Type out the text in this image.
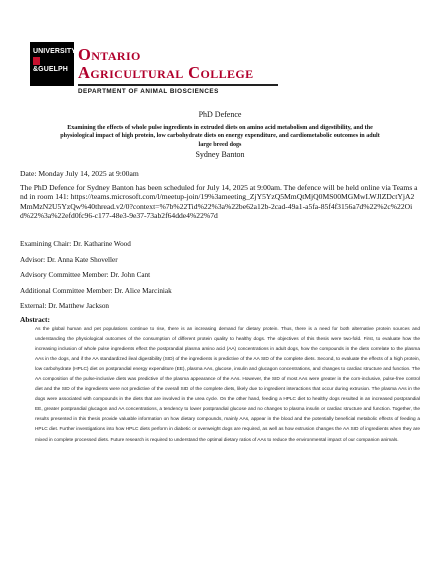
UNIVERSITY
&GUELPH
Ontario
Agricultural College
DEPARTMENT OF ANIMAL BIOSCIENCES
PhD Defence
Examining the effects of whole pulse ingredients in extruded diets on amino acid metabolism and digestibility, and the physiological impact of high protein, low carbohydrate diets on energy expenditure, and cardiometabolic outcomes in adult large breed dogs
Sydney Banton
Date: Monday July 14, 2025 at 9:00am
The PhD Defence for Sydney Banton has been scheduled for July 14, 2025 at 9:00am. The defence will be held online via Teams and in room 141: https://teams.microsoft.com/l/meetup-join/19%3ameeting_ZjY5YzQ5MmQtMjQ0MS00MGMwLWJlZDctYjA2MmMzN2U5YzQw%40thread.v2/0?context=%7b%22Tid%22%3a%22be62a12b-2cad-49a1-a5fa-85f4f3156a7d%22%2c%22Oid%22%3a%22efd0fc96-c177-48e3-9e37-73ab2f64dde4%22%7d
Examining Chair: Dr. Katharine Wood
Advisor: Dr. Anna Kate Shoveller
Advisory Committee Member: Dr. John Cant
Additional Committee Member: Dr. Alice Marciniak
External: Dr. Matthew Jackson
Abstract:
As the global human and pet populations continue to rise, there is an increasing demand for dietary protein. Thus, there is a need for both alternative protein sources and understanding the physiological outcomes of the consumption of different protein quality to healthy dogs. The objectives of this thesis were two-fold. First, to evaluate how the increasing inclusion of whole pulse ingredients effect the postprandial plasma amino acid (AA) concentrations in adult dogs, how the compounds in the diets correlate to the plasma AAs in the dogs, and if the AA standardized ileal digestibility (SID) of the ingredients is predictive of the AA SID of the complete diets. Second, to evaluate the effects of a high protein, low carbohydrate (HPLC) diet on postprandial energy expenditure (EE), plasma AAs, glucose, insulin and glucagon concentrations, and changes to cardiac structure and function. The AA composition of the pulse-inclusive diets was predictive of the plasma appearance of the AAs. However, the SID of most AAs were greater in the corn-inclusive, pulse-free control diet and the SID of the ingredients were not predictive of the overall SID of the complete diets, likely due to ingredient interactions that occur during extrusion. The plasma AAs in the dogs were associated with compounds in the diets that are involved in the urea cycle. On the other hand, feeding a HPLC diet to healthy dogs resulted in an increased postprandial EE, greater postprandial glucagon and AA concentrations, a tendency to lower postprandial glucose and no changes to plasma insulin or cardiac structure and function. Together, the results presented in this thesis provide valuable information on how dietary compounds, mainly AAs, appear in the blood and the potentially beneficial metabolic effects of feeding a HPLC diet. Further investigations into how HPLC diets perform in diabetic or overweight dogs are required, as well as how extrusion changes the AA SID of ingredients when they are mixed in complete processed diets. Future research is required to understand the optimal dietary ratios of AAs to reduce the environmental impact of our companion animals.
